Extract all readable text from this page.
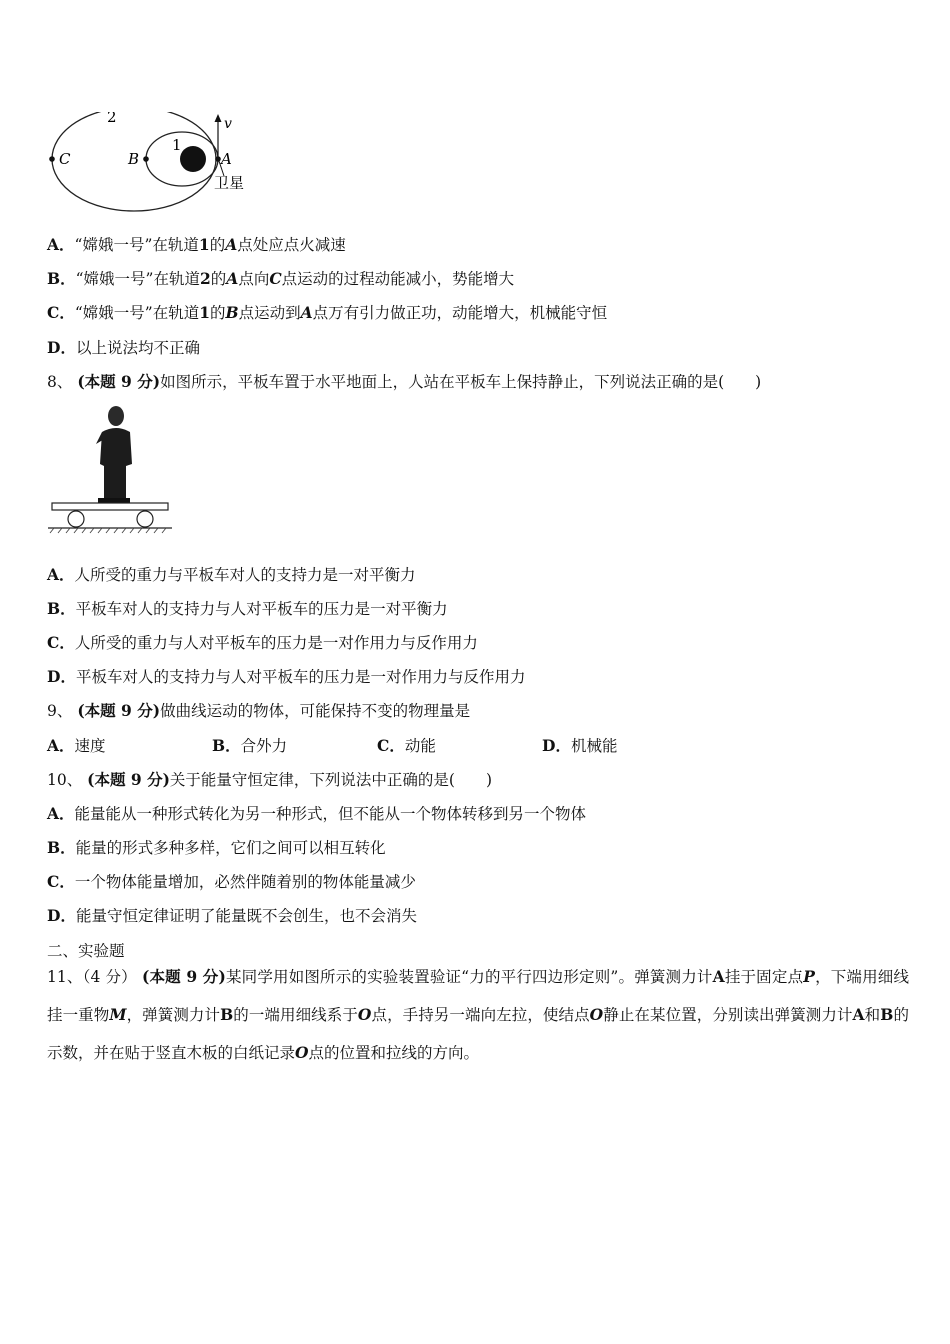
2
1
C	B	A
v
卫星
A．“嫦娥一号”在轨道1的A点处应点火减速
B．“嫦娥一号”在轨道2的A点向C点运动的过程动能减小，势能增大
C．“嫦娥一号”在轨道1的B点运动到A点万有引力做正功，动能增大，机械能守恒
D．以上说法均不正确
8、 (本题 9 分)如图所示，平板车置于水平地面上，人站在平板车上保持静止，下列说法正确的是(　　)
A．人所受的重力与平板车对人的支持力是一对平衡力
B．平板车对人的支持力与人对平板车的压力是一对平衡力
C．人所受的重力与人对平板车的压力是一对作用力与反作用力
D．平板车对人的支持力与人对平板车的压力是一对作用力与反作用力
9、 (本题 9 分)做曲线运动的物体，可能保持不变的物理量是
A．速度	B．合外力	C．动能	D．机械能
10、 (本题 9 分)关于能量守恒定律，下列说法中正确的是(　　)
A．能量能从一种形式转化为另一种形式，但不能从一个物体转移到另一个物体
B．能量的形式多种多样，它们之间可以相互转化
C．一个物体能量增加，必然伴随着别的物体能量减少
D．能量守恒定律证明了能量既不会创生，也不会消失
二、实验题
11、（4 分） (本题 9 分)某同学用如图所示的实验装置验证“力的平行四边形定则”。弹簧测力计A挂于固定点P，下端用细线挂一重物M，弹簧测力计B的一端用细线系于O点，手持另一端向左拉，使结点O静止在某位置，分别读出弹簧测力计A和B的示数，并在贴于竖直木板的白纸记录O点的位置和拉线的方向。
